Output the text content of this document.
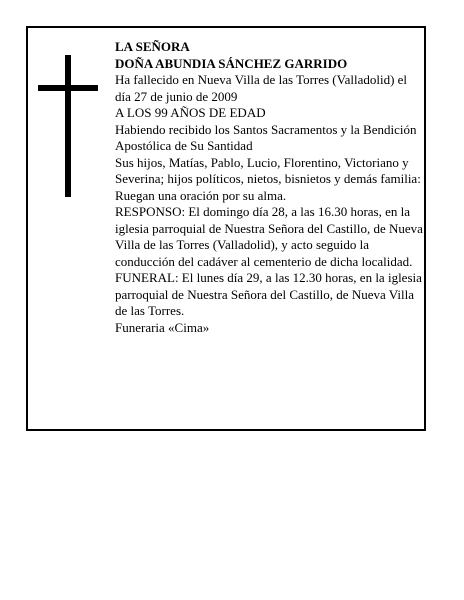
LA SEÑORA

DOÑA ABUNDIA SÁNCHEZ GARRIDO

Ha fallecido en Nueva Villa de las Torres (Valladolid) el día 27 de junio de 2009

A LOS 99 AÑOS DE EDAD

Habiendo recibido los Santos Sacramentos y la Bendición Apostólica de Su Santidad

Sus hijos, Matías, Pablo, Lucio, Florentino, Victoriano y Severina; hijos políticos, nietos, bisnietos y demás familia:

Ruegan una oración por su alma.

RESPONSO: El domingo día 28, a las 16.30 horas, en la iglesia parroquial de Nuestra Señora del Castillo, de Nueva Villa de las Torres (Valladolid), y acto seguido la conducción del cadáver al cementerio de dicha localidad.

FUNERAL: El lunes día 29, a las 12.30 horas, en la iglesia parroquial de Nuestra Señora del Castillo, de Nueva Villa de las Torres.

Funeraria «Cima»
